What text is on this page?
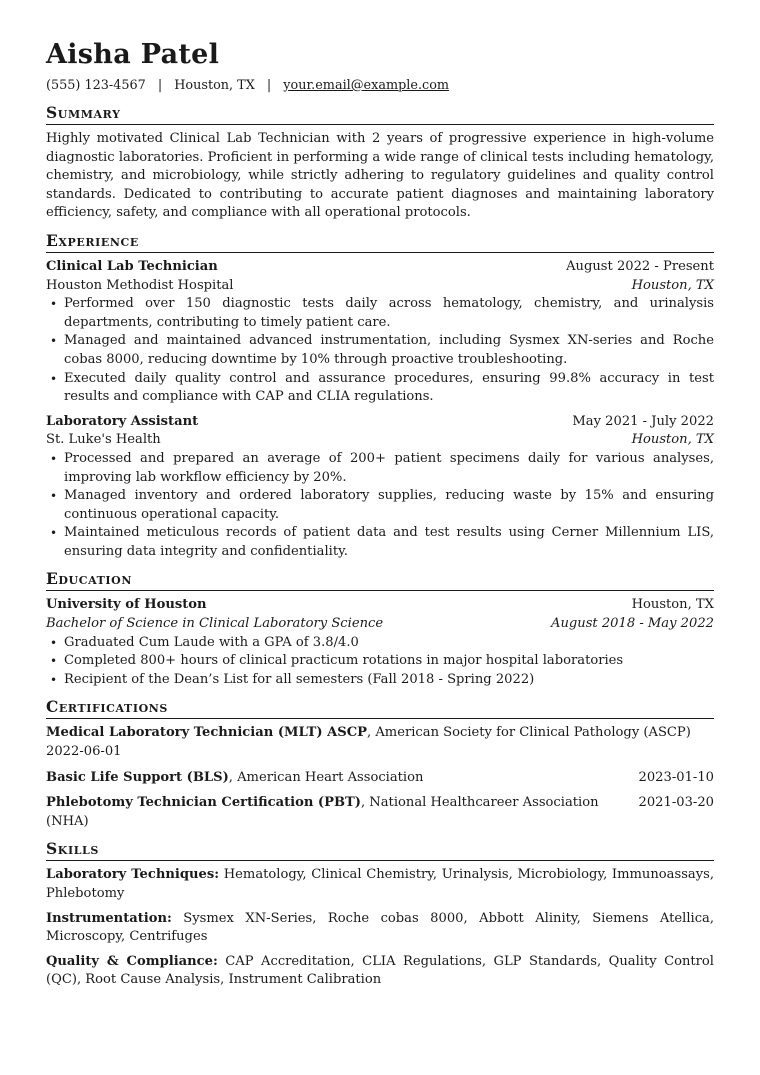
Aisha Patel
(555) 123-4567 | Houston, TX | your.email@example.com
Summary
Highly motivated Clinical Lab Technician with 2 years of progressive experience in high-volume diagnostic laboratories. Proficient in performing a wide range of clinical tests including hematology, chemistry, and microbiology, while strictly adhering to regulatory guidelines and quality control standards. Dedicated to contributing to accurate patient diagnoses and maintaining laboratory efficiency, safety, and compliance with all operational protocols.
Experience
Clinical Lab Technician	August 2022 - Present
Houston Methodist Hospital	Houston, TX
• Performed over 150 diagnostic tests daily across hematology, chemistry, and urinalysis departments, contributing to timely patient care.
• Managed and maintained advanced instrumentation, including Sysmex XN-series and Roche cobas 8000, reducing downtime by 10% through proactive troubleshooting.
• Executed daily quality control and assurance procedures, ensuring 99.8% accuracy in test results and compliance with CAP and CLIA regulations.
Laboratory Assistant	May 2021 - July 2022
St. Luke's Health	Houston, TX
• Processed and prepared an average of 200+ patient specimens daily for various analyses, improving lab workflow efficiency by 20%.
• Managed inventory and ordered laboratory supplies, reducing waste by 15% and ensuring continuous operational capacity.
• Maintained meticulous records of patient data and test results using Cerner Millennium LIS, ensuring data integrity and confidentiality.
Education
University of Houston	Houston, TX
Bachelor of Science in Clinical Laboratory Science	August 2018 - May 2022
• Graduated Cum Laude with a GPA of 3.8/4.0
• Completed 800+ hours of clinical practicum rotations in major hospital laboratories
• Recipient of the Dean’s List for all semesters (Fall 2018 - Spring 2022)
Certifications
Medical Laboratory Technician (MLT) ASCP, American Society for Clinical Pathology (ASCP)
2022-06-01
Basic Life Support (BLS), American Heart Association	2023-01-10
Phlebotomy Technician Certification (PBT), National Healthcareer Association (NHA)
2021-03-20
Skills
Laboratory Techniques: Hematology, Clinical Chemistry, Urinalysis, Microbiology, Immunoassays, Phlebotomy
Instrumentation: Sysmex XN-Series, Roche cobas 8000, Abbott Alinity, Siemens Atellica, Microscopy, Centrifuges
Quality & Compliance: CAP Accreditation, CLIA Regulations, GLP Standards, Quality Control (QC), Root Cause Analysis, Instrument Calibration
